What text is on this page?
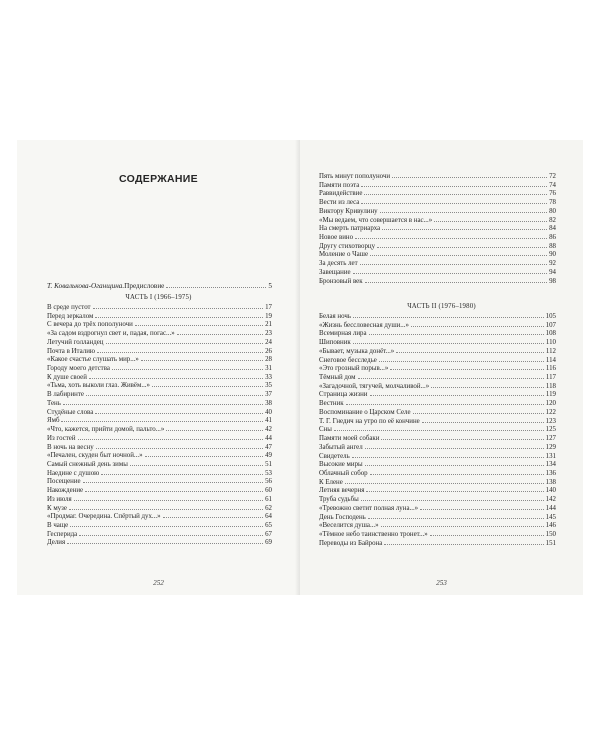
СОДЕРЖАНИЕ
Т. Ковалькова-Оганщина. Предисловие	5
ЧАСТЬ I (1966–1975)
В среде пустот	17
Перед зеркалом	19
С вечера до трёх пополуночи	21
«За садом вздрогнул свет и, падая, погас...»	23
Летучий голландец	24
Почта в Италию	26
«Какое счастье слушать мир...»	28
Городу моего детства	31
К душе своей	33
«Тьма, хоть выколи глаз. Живём...»	35
В лабиринте	37
Тень	38
Студёные слова	40
Ямб	41
«Что, кажется, прийти домой, пальто...»	42
Из гостей	44
В ночь на весну	47
«Печален, скуден быт ночной...»	49
Самый снежный день зимы	51
Наедине с душою	53
Посещение	56
Накождение	60
Из июля	61
К музе	62
«Продмаг. Очередина. Спёртый дух...»	64
В чаще	65
Гесперида	67
Делия	69
252
Пять минут пополуночи	72
Памяти поэта	74
Раввидействие	76
Вести из леса	78
Виктору Кривулину	80
«Мы ведаем, что совершается в нас...»	82
На смерть патриарха	84
Новое вино	86
Другу стихотворцу	88
Моление о Чаше	90
За десять лет	92
Завещание	94
Бронзовый век	98
ЧАСТЬ II (1976–1980)
Белая ночь	105
«Жизнь бессловесная души...»	107
Всемирная лира	108
Шиповник	110
«Бывает, музыка донёт...»	112
Снеговое бесследье	114
«Это грозный порыв...»	116
Тёмный дом	117
«Загадочной, тягучей, молчаливой...»	118
Страница жизни	119
Вестник	120
Воспоминание о Царском Селе	122
Т. Г. Гнедич на утро по её кончине	123
Сны	125
Памяти моей собаки	127
Забытый ангел	129
Свидетель	131
Высокие миры	134
Облачный собор	136
К Елене	138
Летняя вечерня	140
Труба судьбы	142
«Тревожно светит полная луна...»	144
День Господень	145
«Веселится душа...»	146
«Тёмное небо таинственно тронет...»	150
Переводы из Байрона	151
253
